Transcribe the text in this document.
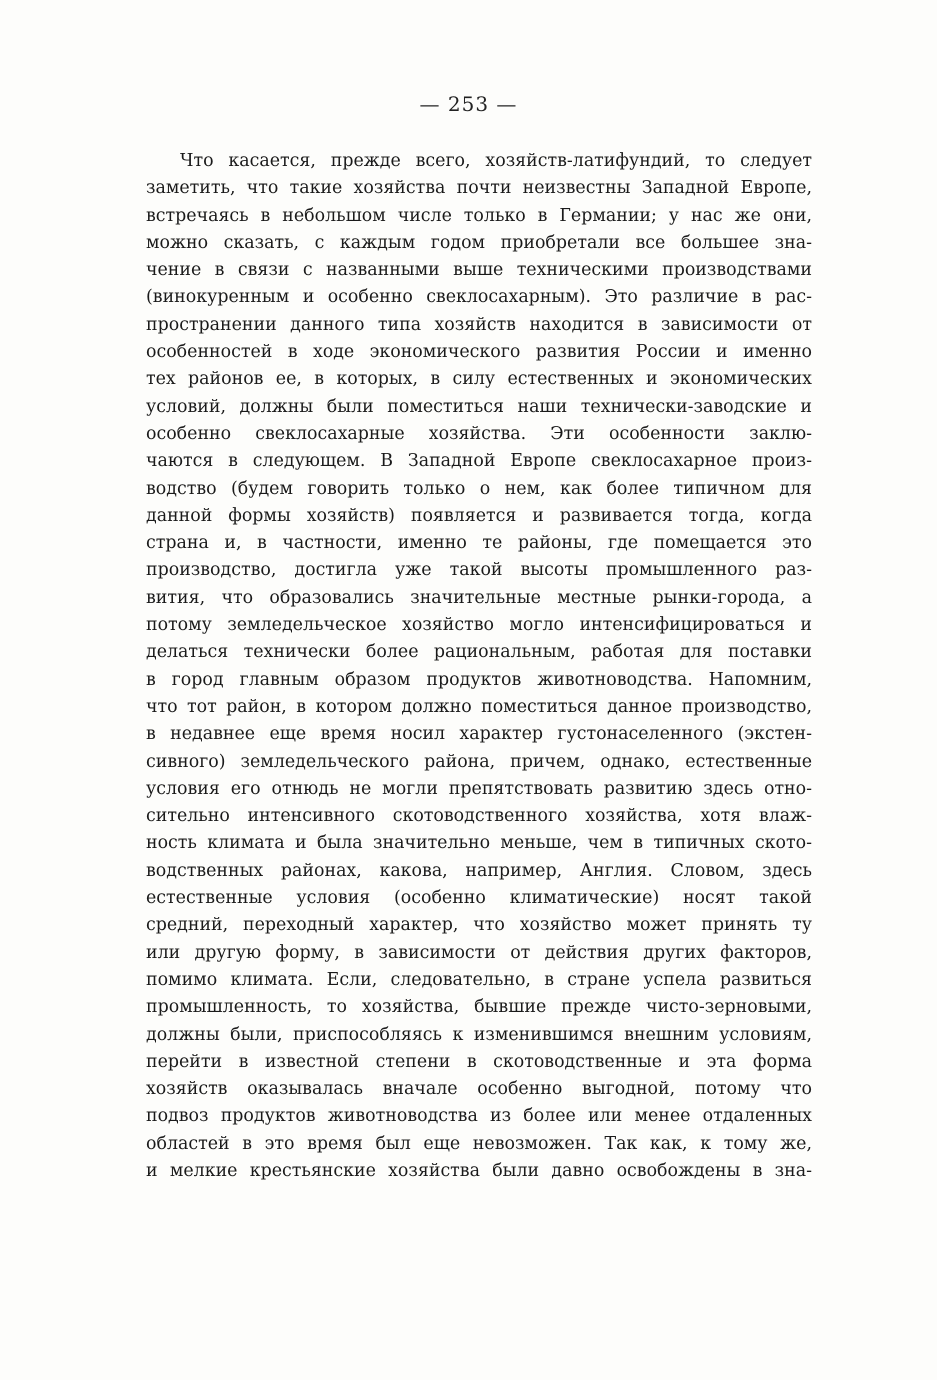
— 253 —
Что касается, прежде всего, хозяйств-латифундий, то следует
заметить, что такие хозяйства почти неизвестны Западной Европе,
встречаясь в небольшом числе только в Германии; у нас же они,
можно сказать, с каждым годом приобретали все большее зна-
чение в связи с названными выше техническими производствами
(винокуренным и особенно свеклосахарным). Это различие в рас-
пространении данного типа хозяйств находится в зависимости от
особенностей в ходе экономического развития России и именно
тех районов ее, в которых, в силу естественных и экономических
условий, должны были поместиться наши технически-заводские и
особенно свеклосахарные хозяйства. Эти особенности заклю-
чаются в следующем. В Западной Европе свеклосахарное произ-
водство (будем говорить только о нем, как более типичном для
данной формы хозяйств) появляется и развивается тогда, когда
страна и, в частности, именно те районы, где помещается это
производство, достигла уже такой высоты промышленного раз-
вития, что образовались значительные местные рынки-города, а
потому земледельческое хозяйство могло интенсифицироваться и
делаться технически более рациональным, работая для поставки
в город главным образом продуктов животноводства. Напомним,
что тот район, в котором должно поместиться данное производство,
в недавнее еще время носил характер густонаселенного (экстен-
сивного) земледельческого района, причем, однако, естественные
условия его отнюдь не могли препятствовать развитию здесь отно-
сительно интенсивного скотоводственного хозяйства, хотя влаж-
ность климата и была значительно меньше, чем в типичных ското-
водственных районах, какова, например, Англия. Словом, здесь
естественные условия (особенно климатические) носят такой
средний, переходный характер, что хозяйство может принять ту
или другую форму, в зависимости от действия других факторов,
помимо климата. Если, следовательно, в стране успела развиться
промышленность, то хозяйства, бывшие прежде чисто-зерновыми,
должны были, приспособляясь к изменившимся внешним условиям,
перейти в известной степени в скотоводственные и эта форма
хозяйств оказывалась вначале особенно выгодной, потому что
подвоз продуктов животноводства из более или менее отдаленных
областей в это время был еще невозможен. Так как, к тому же,
и мелкие крестьянские хозяйства были давно освобождены в зна-
